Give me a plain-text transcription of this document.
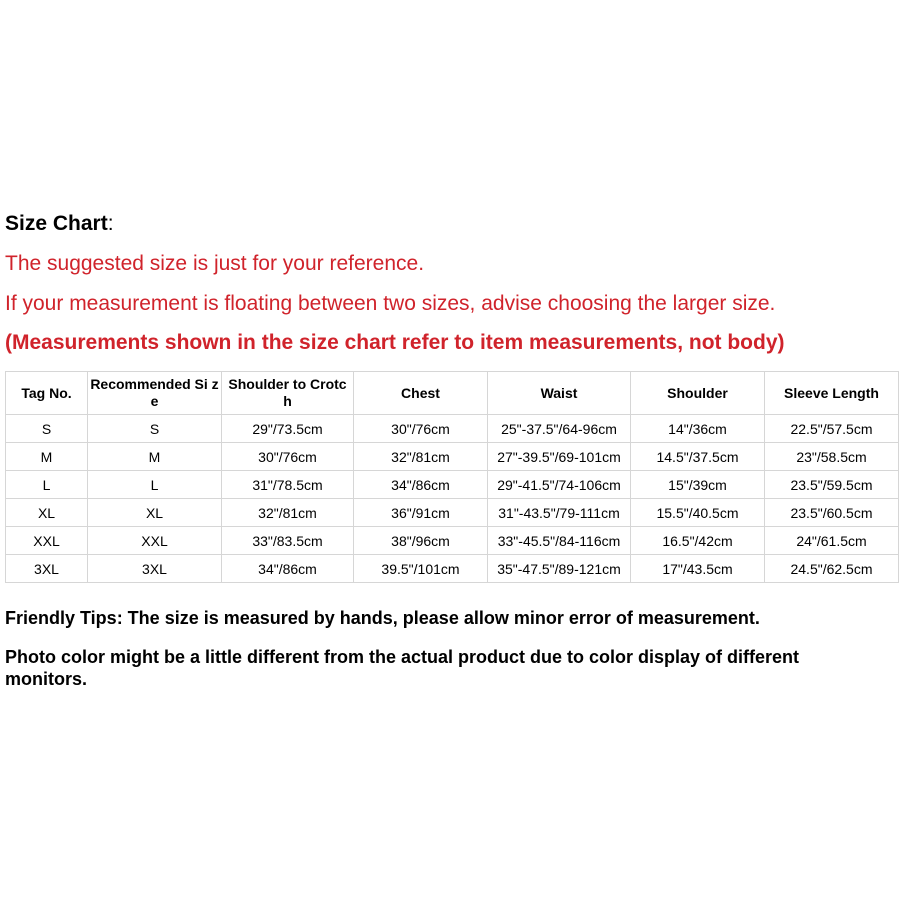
Size Chart:
The suggested size is just for your reference.
If your measurement is floating between two sizes, advise choosing the larger size.
(Measurements shown in the size chart refer to item measurements, not body)
Tag No.	Recommended Si ze	Shoulder to Crotc h	Chest	Waist	Shoulder	Sleeve Length
S	S	29"/73.5cm	30"/76cm	25"-37.5"/64-96cm	14"/36cm	22.5"/57.5cm
M	M	30"/76cm	32"/81cm	27"-39.5"/69-101cm	14.5"/37.5cm	23"/58.5cm
L	L	31"/78.5cm	34"/86cm	29"-41.5"/74-106cm	15"/39cm	23.5"/59.5cm
XL	XL	32"/81cm	36"/91cm	31"-43.5"/79-111cm	15.5"/40.5cm	23.5"/60.5cm
XXL	XXL	33"/83.5cm	38"/96cm	33"-45.5"/84-116cm	16.5"/42cm	24"/61.5cm
3XL	3XL	34"/86cm	39.5"/101cm	35"-47.5"/89-121cm	17"/43.5cm	24.5"/62.5cm
Friendly Tips: The size is measured by hands, please allow minor error of measurement.
Photo color might be a little different from the actual product due to color display of different monitors.
